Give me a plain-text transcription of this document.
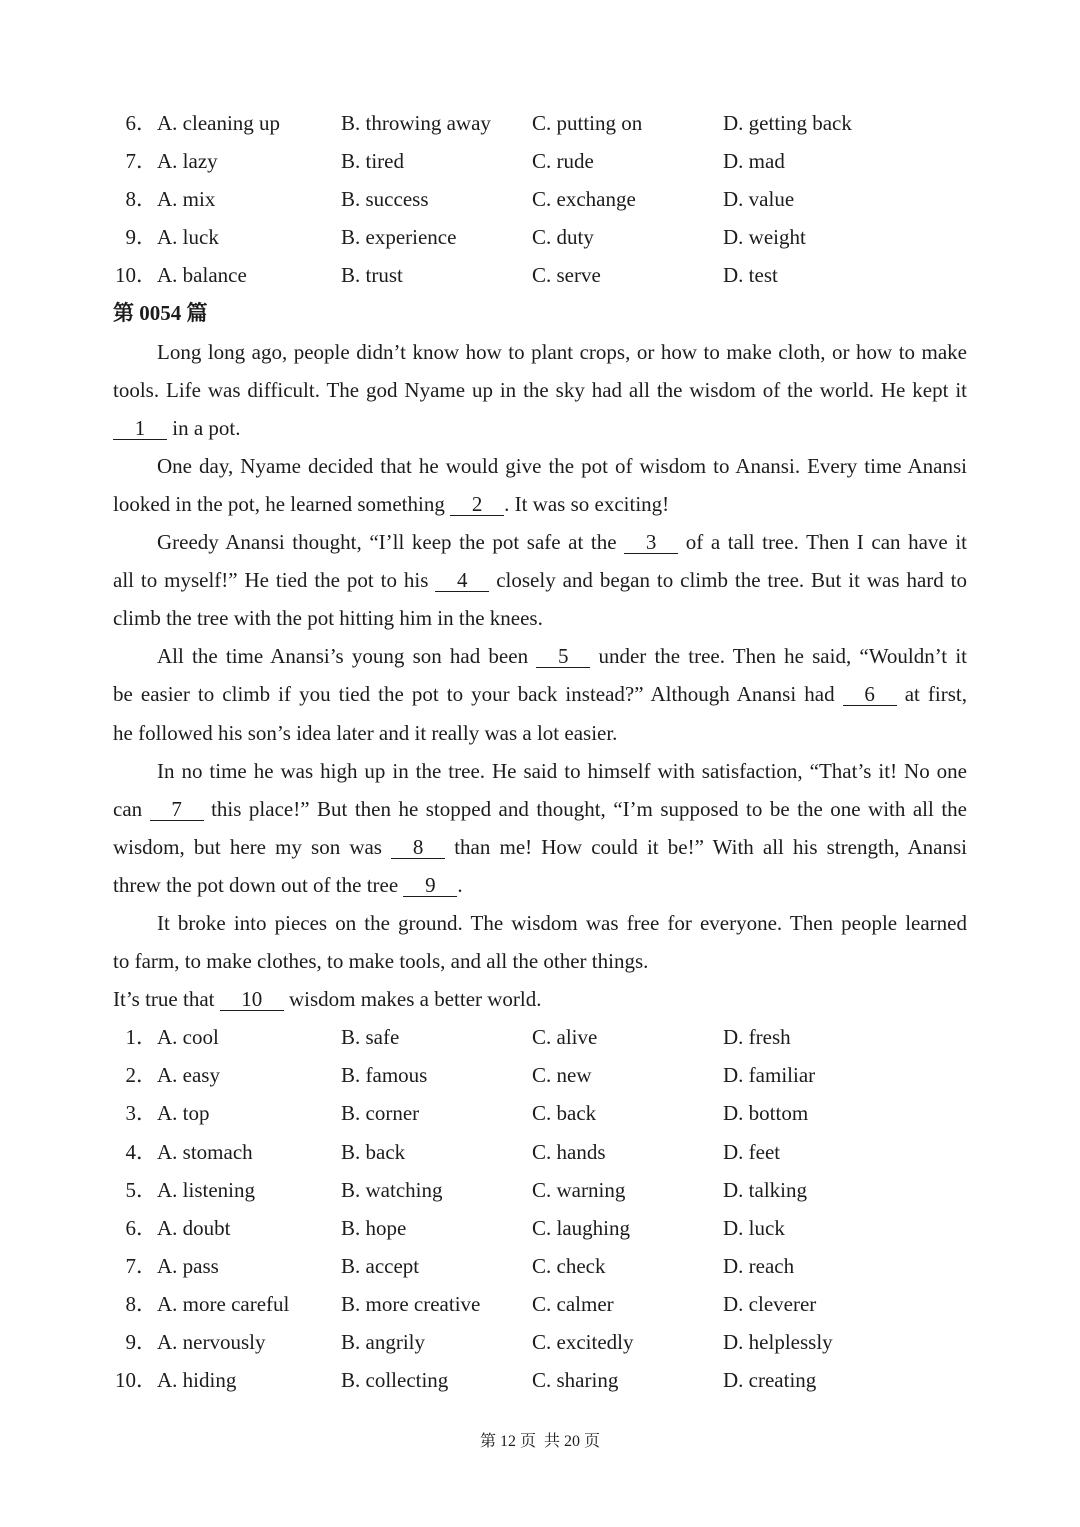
6． A. cleaning up	B. throwing away C. putting on	D. getting back
7． A. lazy	B. tired	C. rude	D. mad
8． A. mix	B. success	C. exchange	D. value
9． A. luck	B. experience	C. duty	D. weight
10． A. balance	B. trust	C. serve	D. test
第 0054 篇
Long long ago, people didn’t know how to plant crops, or how to make cloth, or how to make
tools. Life was difficult. The god Nyame up in the sky had all the wisdom of the world. He kept it
1 in a pot.
One day, Nyame decided that he would give the pot of wisdom to Anansi. Every time Anansi
looked in the pot, he learned something 2 . It was so exciting!
Greedy Anansi thought, “I’ll keep the pot safe at the 3 of a tall tree. Then I can have it
all to myself!” He tied the pot to his 4 closely and began to climb the tree. But it was hard to
climb the tree with the pot hitting him in the knees.
All the time Anansi’s young son had been 5 under the tree. Then he said, “Wouldn’t it
be easier to climb if you tied the pot to your back instead?” Although Anansi had 6 at first,
he followed his son’s idea later and it really was a lot easier.
In no time he was high up in the tree. He said to himself with satisfaction, “That’s it! No one
can 7 this place!” But then he stopped and thought, “I’m supposed to be the one with all the
wisdom, but here my son was 8 than me! How could it be!” With all his strength, Anansi
threw the pot down out of the tree 9 .
It broke into pieces on the ground. The wisdom was free for everyone. Then people learned
to farm, to make clothes, to make tools, and all the other things.
It’s true that 10 wisdom makes a better world.
1． A. cool	B. safe	C. alive	D. fresh
2． A. easy	B. famous	C. new	D. familiar
3． A. top	B. corner	C. back	D. bottom
4． A. stomach	B. back	C. hands	D. feet
5． A. listening	B. watching	C. warning	D. talking
6． A. doubt	B. hope	C. laughing	D. luck
7． A. pass	B. accept	C. check	D. reach
8． A. more careful B. more creative C. calmer	D. cleverer
9． A. nervously	B. angrily	C. excitedly	D. helplessly
10． A. hiding	B. collecting	C. sharing	D. creating
第 12 页  共 20 页
